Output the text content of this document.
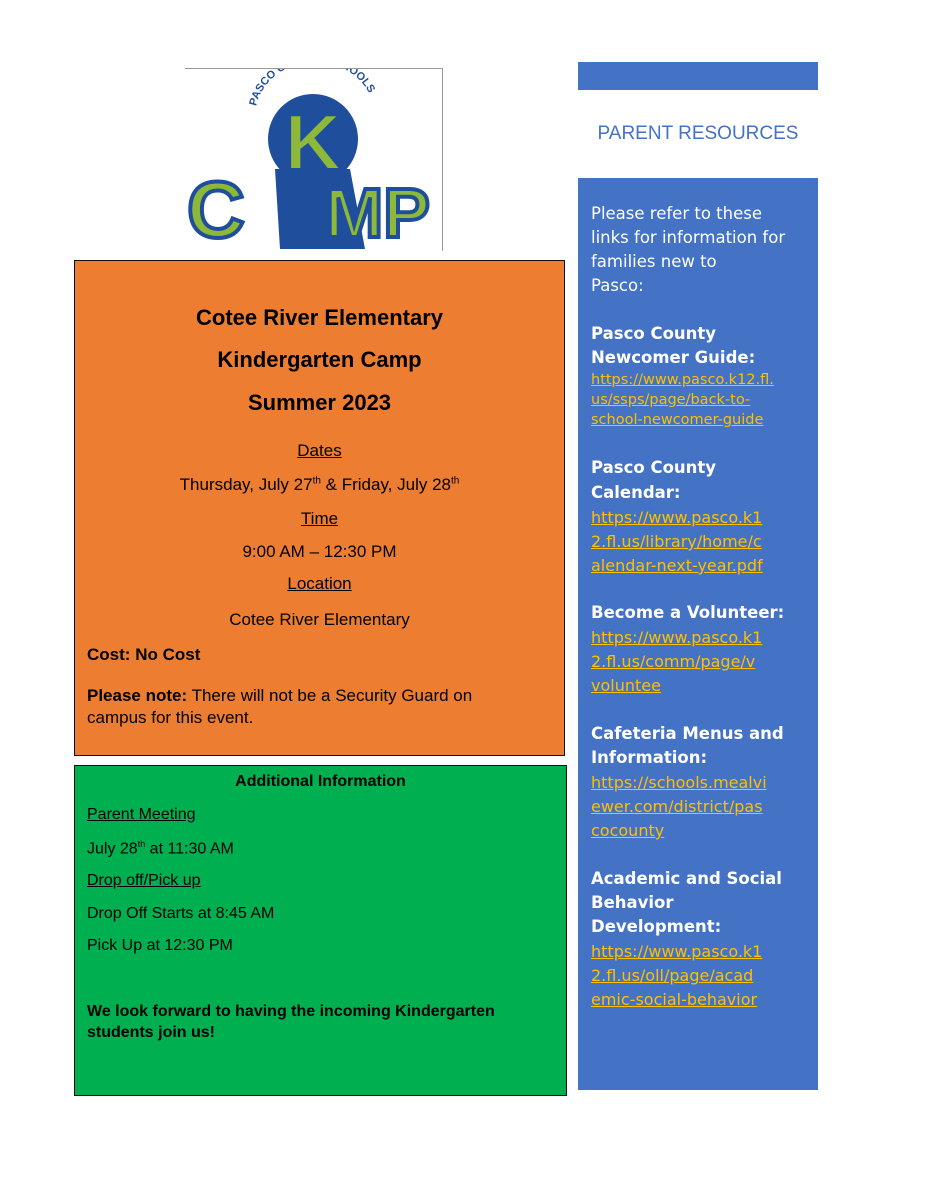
PASCO OOLS
K
C MP
Cotee River Elementary
Kindergarten Camp
Summer 2023
Dates
Thursday, July 27th & Friday, July 28th
Time
9:00 AM – 12:30 PM
Location
Cotee River Elementary
Cost: No Cost
Please note: There will not be a Security Guard on
campus for this event.
Additional Information
Parent Meeting
July 28th at 11:30 AM
Drop off/Pick up
Drop Off Starts at 8:45 AM
Pick Up at 12:30 PM
We look forward to having the incoming Kindergarten
students join us!
PARENT RESOURCES
Please refer to these
links for information for
families new to
Pasco:
Pasco County
Newcomer Guide:
https://www.pasco.k12.fl.
us/ssps/page/back-to-
school-newcomer-guide
Pasco County
Calendar:
https://www.pasco.k1
2.fl.us/library/home/c
alendar-next-year.pdf
Become a Volunteer:
https://www.pasco.k1
2.fl.us/comm/page/v
voluntee
Cafeteria Menus and
Information:
https://schools.mealvi
ewer.com/district/pas
cocounty
Academic and Social
Behavior
Development:
https://www.pasco.k1
2.fl.us/oll/page/acad
emic-social-behavior
